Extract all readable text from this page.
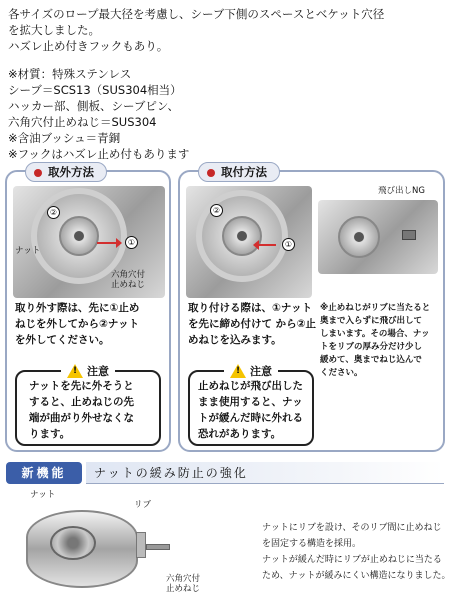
各サイズのロープ最大径を考慮し、シーブ下側のスペースとベケット穴径
を拡大しました。
ハズレ止め付きフックもあり。
※材質：特殊ステンレス
シーブ＝SCS13（SUS304相当）
ハッカー部、側板、シーブピン、
六角穴付止めねじ＝SUS304
※含油ブッシュ＝青銅
※フックはハズレ止め付もあります
取外方法
②
①
ナット
六角穴付
止めねじ
取り外す際は、先に①止め
ねじを外してから②ナット
を外してください。
!
注意
ナットを先に外そうと
すると、止めねじの先
端が曲がり外せなくな
ります。
取付方法
②
①
飛び出しNG
取り付ける際は、①ナット
を先に締め付けて から②止
めねじを込みます。
※止めねじがリブに当たると
奥まで入らずに飛び出して
しまいます。その場合、ナッ
トをリブの厚み分だけ少し
緩めて、奥までねじ込んで
ください。
!
注意
止めねじが飛び出した
まま使用すると、ナッ
トが緩んだ時に外れる
恐れがあります。
新機能	ナットの緩み防止の強化
ナット
リブ
六角穴付
止めねじ
ナットにリブを設け、そのリブ間に止めねじ
を固定する構造を採用。
ナットが緩んだ時にリブが止めねじに当たる
ため、ナットが緩みにくい構造になりました。
